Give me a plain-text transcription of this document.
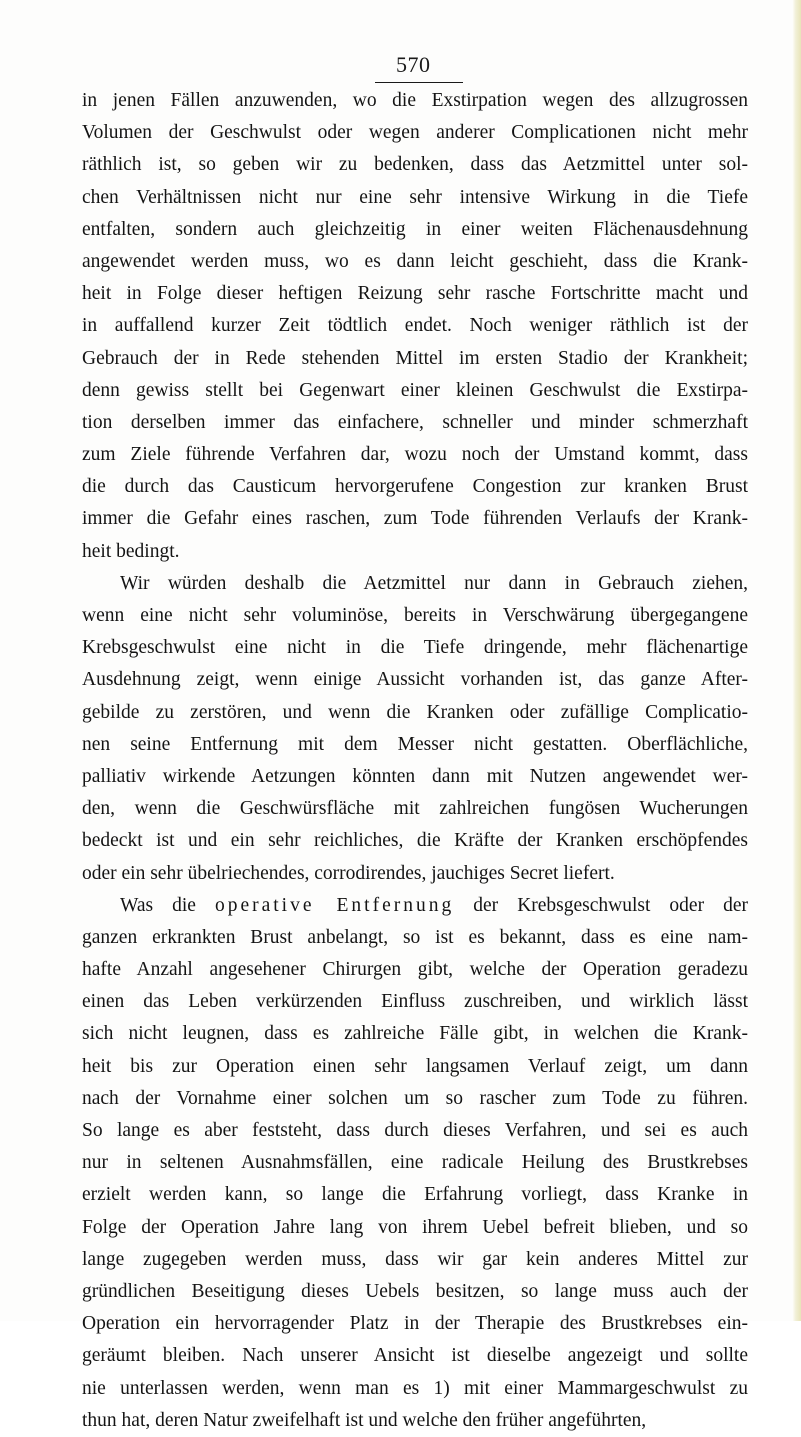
570
in jenen Fällen anzuwenden, wo die Exstirpation wegen des allzugrossen
Volumen der Geschwulst oder wegen anderer Complicationen nicht mehr
räthlich ist, so geben wir zu bedenken, dass das Aetzmittel unter sol-
chen Verhältnissen nicht nur eine sehr intensive Wirkung in die Tiefe
entfalten, sondern auch gleichzeitig in einer weiten Flächenausdehnung
angewendet werden muss, wo es dann leicht geschieht, dass die Krank-
heit in Folge dieser heftigen Reizung sehr rasche Fortschritte macht und
in auffallend kurzer Zeit tödtlich endet. Noch weniger räthlich ist der
Gebrauch der in Rede stehenden Mittel im ersten Stadio der Krankheit;
denn gewiss stellt bei Gegenwart einer kleinen Geschwulst die Exstirpa-
tion derselben immer das einfachere, schneller und minder schmerzhaft
zum Ziele führende Verfahren dar, wozu noch der Umstand kommt, dass
die durch das Causticum hervorgerufene Congestion zur kranken Brust
immer die Gefahr eines raschen, zum Tode führenden Verlaufs der Krank-
heit bedingt.
Wir würden deshalb die Aetzmittel nur dann in Gebrauch ziehen,
wenn eine nicht sehr voluminöse, bereits in Verschwärung übergegangene
Krebsgeschwulst eine nicht in die Tiefe dringende, mehr flächenartige
Ausdehnung zeigt, wenn einige Aussicht vorhanden ist, das ganze After-
gebilde zu zerstören, und wenn die Kranken oder zufällige Complicatio-
nen seine Entfernung mit dem Messer nicht gestatten. Oberflächliche,
palliativ wirkende Aetzungen könnten dann mit Nutzen angewendet wer-
den, wenn die Geschwürsfläche mit zahlreichen fungösen Wucherungen
bedeckt ist und ein sehr reichliches, die Kräfte der Kranken erschöpfendes
oder ein sehr übelriechendes, corrodirendes, jauchiges Secret liefert.
Was die operative Entfernung der Krebsgeschwulst oder der
ganzen erkrankten Brust anbelangt, so ist es bekannt, dass es eine nam-
hafte Anzahl angesehener Chirurgen gibt, welche der Operation geradezu
einen das Leben verkürzenden Einfluss zuschreiben, und wirklich lässt
sich nicht leugnen, dass es zahlreiche Fälle gibt, in welchen die Krank-
heit bis zur Operation einen sehr langsamen Verlauf zeigt, um dann
nach der Vornahme einer solchen um so rascher zum Tode zu führen.
So lange es aber feststeht, dass durch dieses Verfahren, und sei es auch
nur in seltenen Ausnahmsfällen, eine radicale Heilung des Brustkrebses
erzielt werden kann, so lange die Erfahrung vorliegt, dass Kranke in
Folge der Operation Jahre lang von ihrem Uebel befreit blieben, und so
lange zugegeben werden muss, dass wir gar kein anderes Mittel zur
gründlichen Beseitigung dieses Uebels besitzen, so lange muss auch der
Operation ein hervorragender Platz in der Therapie des Brustkrebses ein-
geräumt bleiben. Nach unserer Ansicht ist dieselbe angezeigt und sollte
nie unterlassen werden, wenn man es 1) mit einer Mammargeschwulst zu
thun hat, deren Natur zweifelhaft ist und welche den früher angeführten,
